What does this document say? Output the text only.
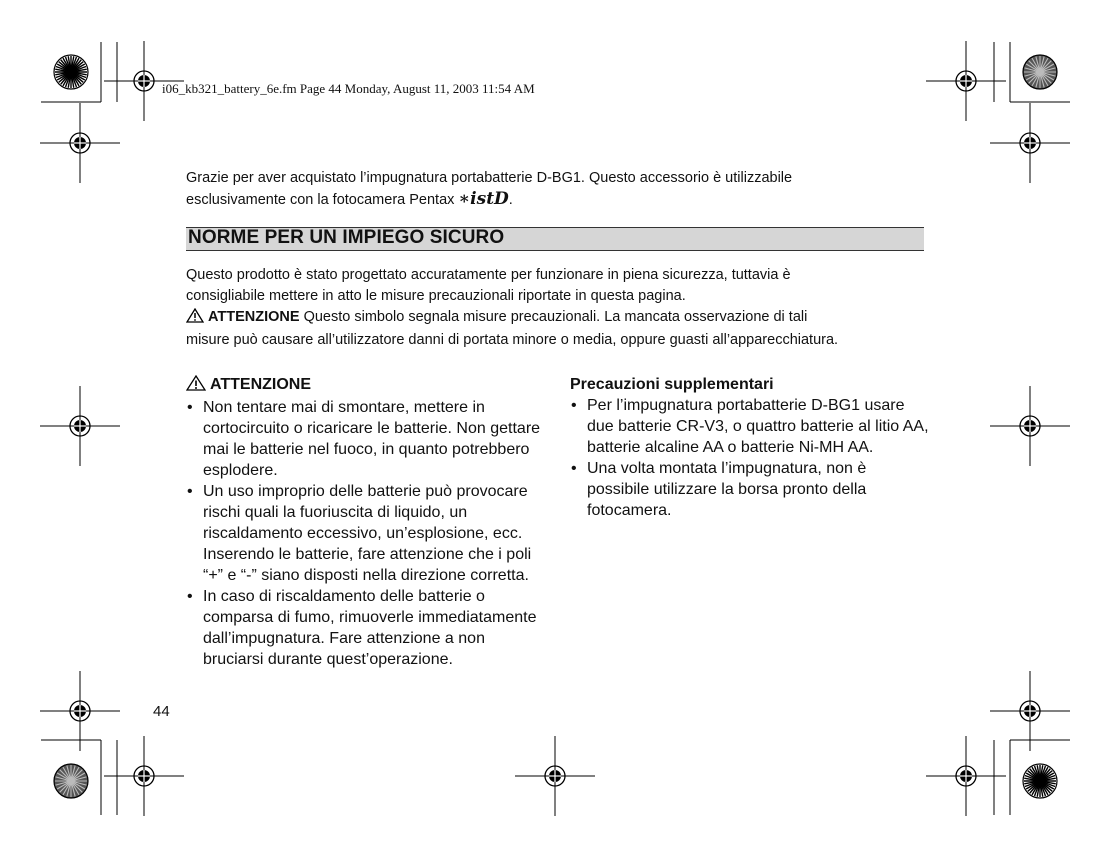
i06_kb321_battery_6e.fm Page 44 Monday, August 11, 2003 11:54 AM

Grazie per aver acquistato l’impugnatura portabatterie D-BG1. Questo accessorio è utilizzabile

esclusivamente con la fotocamera Pentax ∗istD.

NORME PER UN IMPIEGO SICURO

Questo prodotto è stato progettato accuratamente per funzionare in piena sicurezza, tuttavia è

consigliabile mettere in atto le misure precauzionali riportate in questa pagina.

ATTENZIONE Questo simbolo segnala misure precauzionali. La mancata osservazione di tali

misure può causare all’utilizzatore danni di portata minore o media, oppure guasti all’apparecchiatura.

ATTENZIONE
• Non tentare mai di smontare, mettere in cortocircuito o ricaricare le batterie. Non gettare mai le batterie nel fuoco, in quanto potrebbero esplodere.
• Un uso improprio delle batterie può provocare rischi quali la fuoriuscita di liquido, un riscaldamento eccessivo, un’esplosione, ecc. Inserendo le batterie, fare attenzione che i poli “+” e “-” siano disposti nella direzione corretta.
• In caso di riscaldamento delle batterie o comparsa di fumo, rimuoverle immediatamente dall’impugnatura. Fare attenzione a non bruciarsi durante quest’operazione.
Precauzioni supplementari
• Per l’impugnatura portabatterie D-BG1 usare due batterie CR-V3, o quattro batterie al litio AA, batterie alcaline AA o batterie Ni-MH AA.
• Una volta montata l’impugnatura, non è possibile utilizzare la borsa pronto della fotocamera.
44
